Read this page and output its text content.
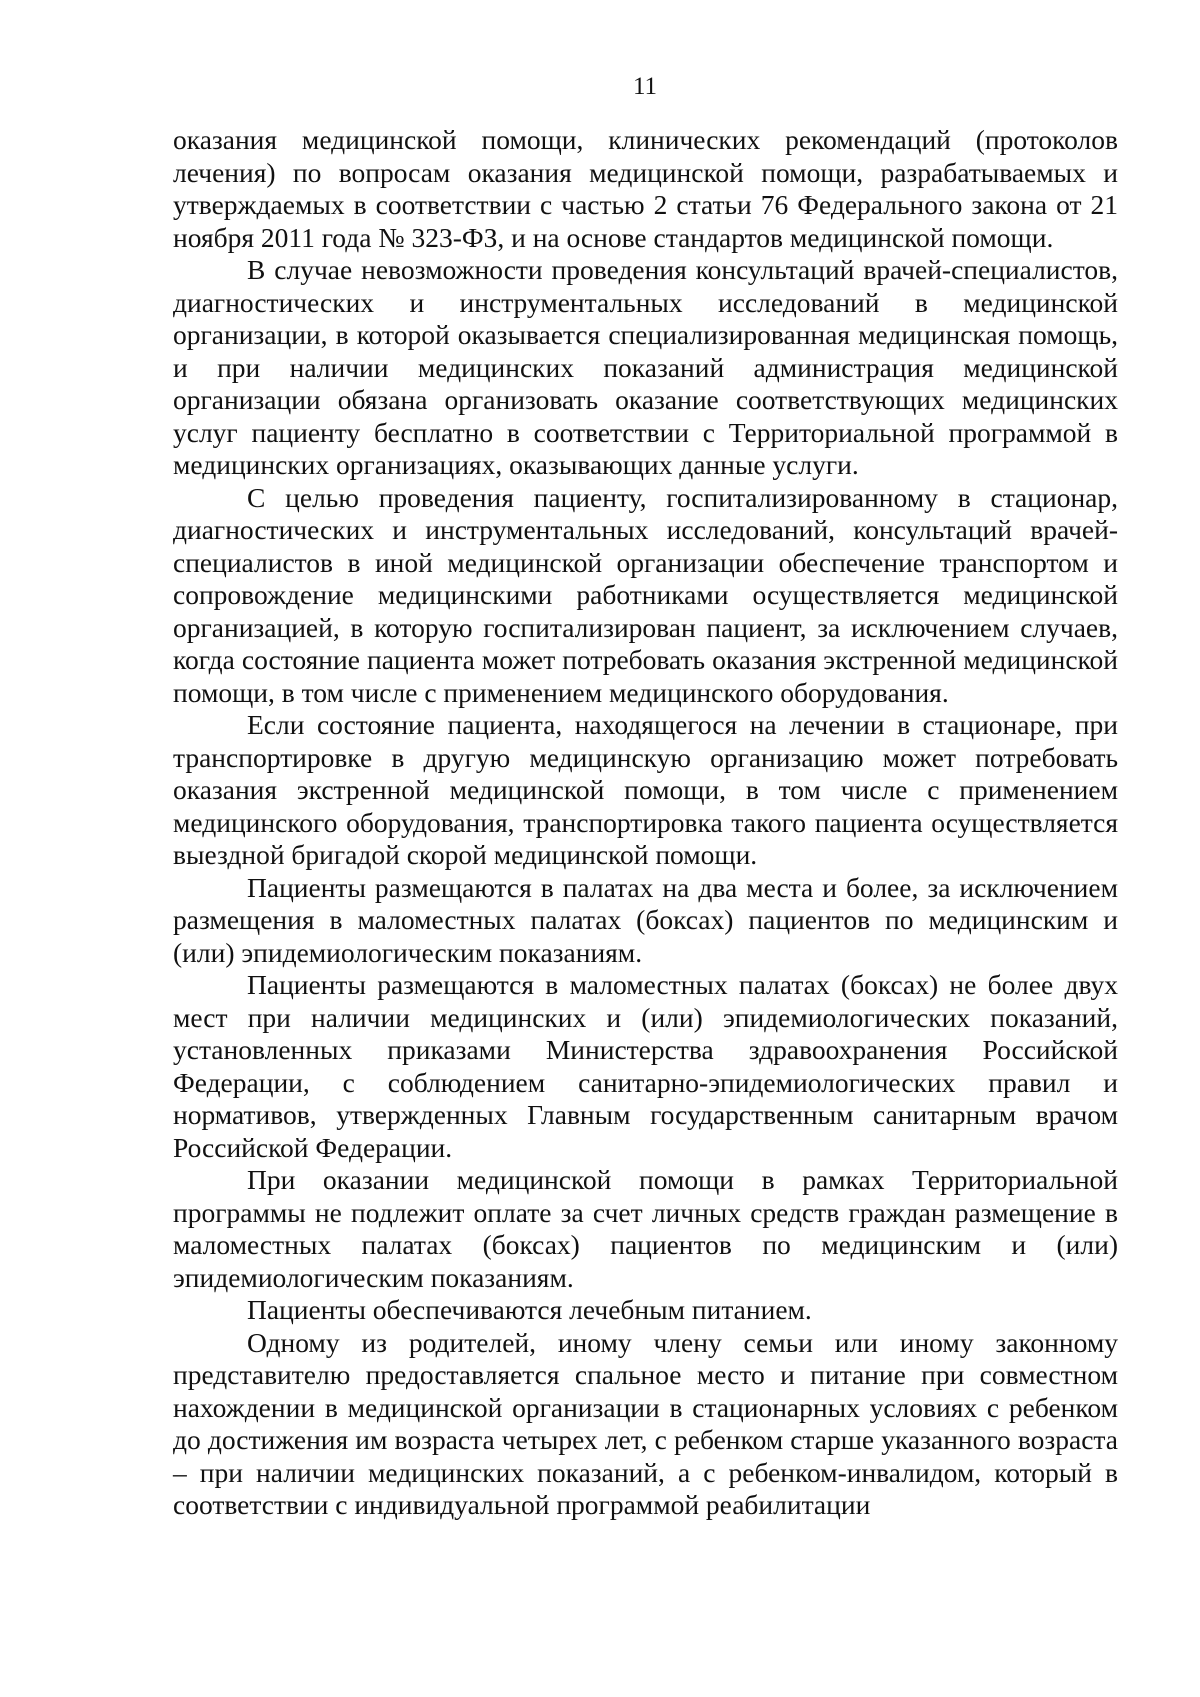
11

оказания медицинской помощи, клинических рекомендаций (протоколов лечения) по вопросам оказания медицинской помощи, разрабатываемых и утверждаемых в соответствии с частью 2 статьи 76 Федерального закона от 21 ноября 2011 года № 323-ФЗ, и на основе стандартов медицинской помощи.

В случае невозможности проведения консультаций врачей-специалистов, диагностических и инструментальных исследований в медицинской организации, в которой оказывается специализированная медицинская помощь, и при наличии медицинских показаний администрация медицинской организации обязана организовать оказание соответствующих медицинских услуг пациенту бесплатно в соответствии с Территориальной программой в медицинских организациях, оказывающих данные услуги.

С целью проведения пациенту, госпитализированному в стационар, диагностических и инструментальных исследований, консультаций врачей-специалистов в иной медицинской организации обеспечение транспортом и сопровождение медицинскими работниками осуществляется медицинской организацией, в которую госпитализирован пациент, за исключением случаев, когда состояние пациента может потребовать оказания экстренной медицинской помощи, в том числе с применением медицинского оборудования.

Если состояние пациента, находящегося на лечении в стационаре, при транспортировке в другую медицинскую организацию может потребовать оказания экстренной медицинской помощи, в том числе с применением медицинского оборудования, транспортировка такого пациента осуществляется выездной бригадой скорой медицинской помощи.

Пациенты размещаются в палатах на два места и более, за исключением размещения в маломестных палатах (боксах) пациентов по медицинским и (или) эпидемиологическим показаниям.

Пациенты размещаются в маломестных палатах (боксах) не более двух мест при наличии медицинских и (или) эпидемиологических показаний, установленных приказами Министерства здравоохранения Российской Федерации, с соблюдением санитарно-эпидемиологических правил и нормативов, утвержденных Главным государственным санитарным врачом Российской Федерации.

При оказании медицинской помощи в рамках Территориальной программы не подлежит оплате за счет личных средств граждан размещение в маломестных палатах (боксах) пациентов по медицинским и (или) эпидемиологическим показаниям.

Пациенты обеспечиваются лечебным питанием.

Одному из родителей, иному члену семьи или иному законному представителю предоставляется спальное место и питание при совместном нахождении в медицинской организации в стационарных условиях с ребенком до достижения им возраста четырех лет, с ребенком старше указанного возраста – при наличии медицинских показаний, а с ребенком-инвалидом, который в соответствии с индивидуальной программой реабилитации
